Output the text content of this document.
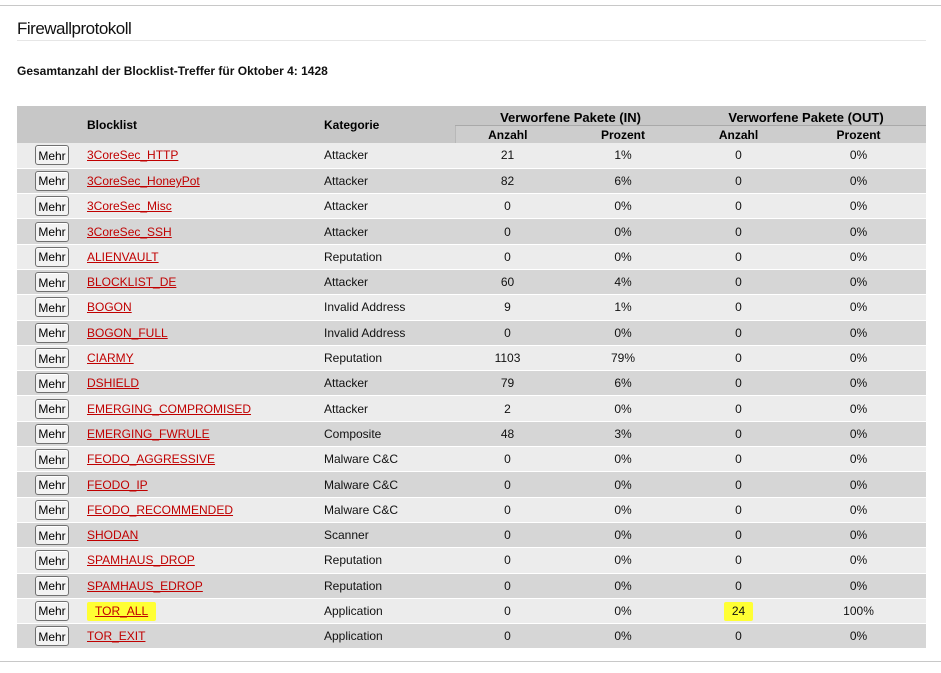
Firewallprotokoll
Gesamtanzahl der Blocklist-Treffer für Oktober 4: 1428
	Blocklist	Kategorie	Verworfene Pakete (IN)		Verworfene Pakete (OUT)	
			Anzahl	Prozent	Anzahl	Prozent
Mehr	3CoreSec_HTTP	Attacker	21	1%	0	0%
Mehr	3CoreSec_HoneyPot	Attacker	82	6%	0	0%
Mehr	3CoreSec_Misc	Attacker	0	0%	0	0%
Mehr	3CoreSec_SSH	Attacker	0	0%	0	0%
Mehr	ALIENVAULT	Reputation	0	0%	0	0%
Mehr	BLOCKLIST_DE	Attacker	60	4%	0	0%
Mehr	BOGON	Invalid Address	9	1%	0	0%
Mehr	BOGON_FULL	Invalid Address	0	0%	0	0%
Mehr	CIARMY	Reputation	1103	79%	0	0%
Mehr	DSHIELD	Attacker	79	6%	0	0%
Mehr	EMERGING_COMPROMISED	Attacker	2	0%	0	0%
Mehr	EMERGING_FWRULE	Composite	48	3%	0	0%
Mehr	FEODO_AGGRESSIVE	Malware C&C	0	0%	0	0%
Mehr	FEODO_IP	Malware C&C	0	0%	0	0%
Mehr	FEODO_RECOMMENDED	Malware C&C	0	0%	0	0%
Mehr	SHODAN	Scanner	0	0%	0	0%
Mehr	SPAMHAUS_DROP	Reputation	0	0%	0	0%
Mehr	SPAMHAUS_EDROP	Reputation	0	0%	0	0%
Mehr	TOR_ALL	Application	0	0%	24	100%
Mehr	TOR_EXIT	Application	0	0%	0	0%
